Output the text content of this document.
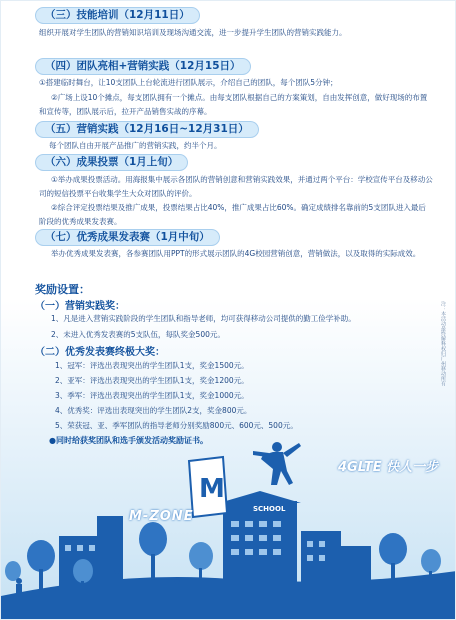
（三）技能培训（12月11日）
组织开展对学生团队的营销知识培训及现场沟通交流，进一步提升学生团队的营销实践能力。
（四）团队亮相+营销实践（12月15日）
①搭建临时舞台，让10支团队上台轮流进行团队展示，介绍自己的团队，每个团队5分钟；
②广场上设10个摊点，每支团队拥有一个摊点。由每支团队根据自己的方案策划，自由发挥创意，做好现场的布置和宣传等，团队展示后，拉开产品销售实战的序幕。
（五）营销实践（12月16日~12月31日）
每个团队自由开展产品推广的营销实践，约半个月。
（六）成果投票（1月上旬）
①举办成果投票活动。用海报集中展示各团队的营销创意和营销实践效果，并通过两个平台：学校宣传平台及移动公司的短信投票平台收集学生大众对团队的评价。
②综合评定投票结果及推广成果，投票结果占比40%，推广成果占比60%。确定成绩排名靠前的5支团队进入最后阶段的优秀成果发表赛。
（七）优秀成果发表赛（1月中旬）
举办优秀成果发表赛，各参赛团队用PPT的形式展示团队的4G校园营销创意，营销做法，以及取得的实际成效。
奖励设置：
（一）营销实践奖：
1、凡是进入营销实践阶段的学生团队和指导老师，均可获得移动公司提供的勤工俭学补助。
2、未进入优秀发表赛的5支队伍，每队奖金500元。
（二）优秀发表赛终极大奖：
1、冠军：评选出表现突出的学生团队1支，奖金1500元。
2、亚军：评选出表现突出的学生团队1支，奖金1200元。
3、季军：评选出表现突出的学生团队1支，奖金1000元。
4、优秀奖：评选出表现突出的学生团队2支，奖金800元。
5、荣获冠、亚、季军团队的指导老师分别奖励800元、600元、500元。
●同时给获奖团队和选手颁发活动奖励证书。
注：本活动最终解释权归广州移动所有
M
M-ZONE	SCHOOL
4GLTE 快人一步
